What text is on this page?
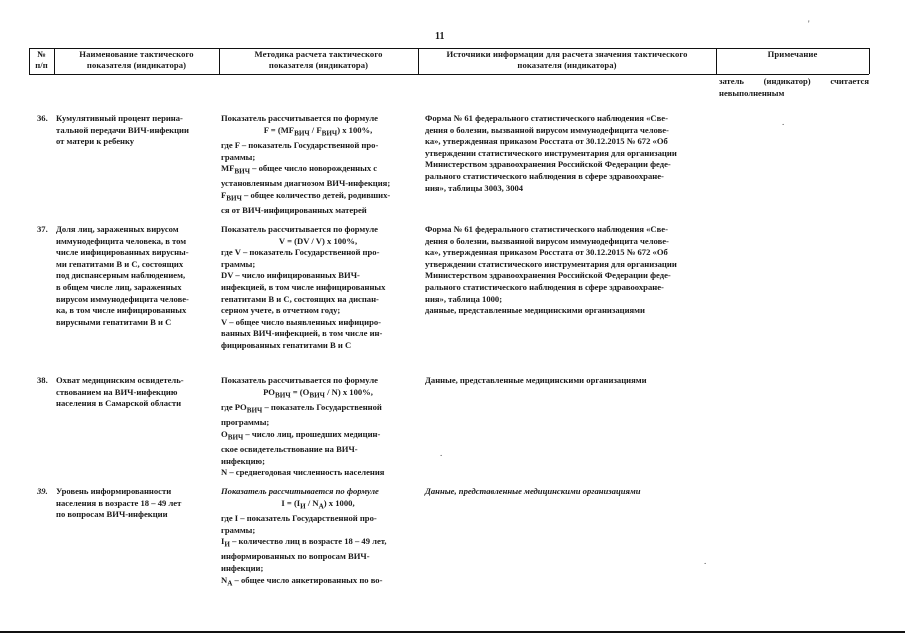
11
'
.
.
.
№
п/п
Наименование тактического
показателя (индикатора)
Методика расчета тактического
показателя (индикатора)
Источники информации для расчета значения тактического
показателя (индикатора)
Примечание
затель (индикатор) считается невыполненным
36. Кумулятивный процент перина-
тальной передачи ВИЧ-инфекции
от матери к ребенку
Показатель рассчитывается по формуле
$F = (MF_{ВИЧ} / F_{ВИЧ})$ x 100%,
где F – показатель Государственной про-
граммы;
$MF_{ВИЧ}$ – общее число новорожденных с
установленным диагнозом ВИЧ-инфекция;
$F_{ВИЧ}$ – общее количество детей, родивших-
ся от ВИЧ-инфицированных матерей
Форма № 61 федерального статистического наблюдения «Све-
дения о болезни, вызванной вирусом иммунодефицита челове-
ка», утвержденная приказом Росстата от 30.12.2015 № 672 «Об
утверждении статистического инструментария для организации
Министерством здравоохранения Российской Федерации феде-
рального статистического наблюдения в сфере здравоохране-
ния», таблицы 3003, 3004
37. Доля лиц, зараженных вирусом
иммунодефицита человека, в том
числе инфицированных вирусны-
ми гепатитами В и С, состоящих
под диспансерным наблюдением,
в общем числе лиц, зараженных
вирусом иммунодефицита челове-
ка, в том числе инфицированных
вирусными гепатитами В и С
Показатель рассчитывается по формуле
V = (DV / V) x 100%,
где V – показатель Государственной про-
граммы;
DV – число инфицированных ВИЧ-
инфекцией, в том числе инфицированных
гепатитами В и С, состоящих на диспан-
серном учете, в отчетном году;
V – общее число выявленных инфициро-
ванных ВИЧ-инфекцией, в том числе ин-
фицированных гепатитами В и С
Форма № 61 федерального статистического наблюдения «Све-
дения о болезни, вызванной вирусом иммунодефицита челове-
ка», утвержденная приказом Росстата от 30.12.2015 № 672 «Об
утверждении статистического инструментария для организации
Министерством здравоохранения Российской Федерации феде-
рального статистического наблюдения в сфере здравоохране-
ния», таблица 1000;
данные, представленные медицинскими организациями
38. Охват медицинским освидетель-
ствованием на ВИЧ-инфекцию
населения в Самарской области
Показатель рассчитывается по формуле
$PO_{ВИЧ} = (O_{ВИЧ} / N)$ x 100%,
где $PO_{ВИЧ}$ – показатель Государственной
программы;
$O_{ВИЧ}$ – число лиц, прошедших медицин-
ское освидетельствование на ВИЧ-
инфекцию;
N – среднегодовая численность населения
Данные, представленные медицинскими организациями
39. Уровень информированности
населения в возрасте 18 – 49 лет
по вопросам ВИЧ-инфекции
Показатель рассчитывается по формуле
$I = (I_И / N_А)$ x 1000,
где I – показатель Государственной про-
граммы;
$I_И$ – количество лиц в возрасте 18 – 49 лет,
информированных по вопросам ВИЧ-
инфекции;
$N_А$ – общее число анкетированных по во-
Данные, представленные медицинскими организациями
